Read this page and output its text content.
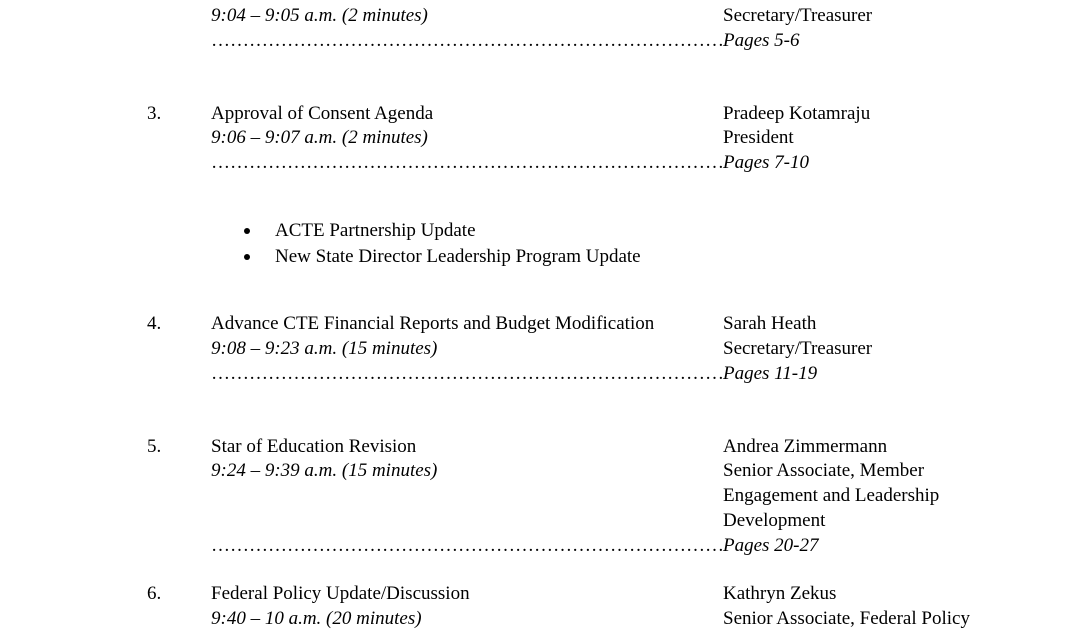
9:04 – 9:05 a.m. (2 minutes)	Secretary/Treasurer
……………………………………………………………………… Pages 5-6
3.	Approval of Consent Agenda	Pradeep Kotamraju
9:06 – 9:07 a.m. (2 minutes)	President
……………………………………………………………………… Pages 7-10
ACTE Partnership Update
New State Director Leadership Program Update
4.	Advance CTE Financial Reports and Budget Modification	Sarah Heath
9:08 – 9:23 a.m. (15 minutes)	Secretary/Treasurer
……………………………………………………………………… Pages 11-19
5.	Star of Education Revision	Andrea Zimmermann
9:24 – 9:39 a.m. (15 minutes)	Senior Associate, Member
Engagement and Leadership
Development
……………………………………………………………………… Pages 20-27
6.	Federal Policy Update/Discussion	Kathryn Zekus
9:40 – 10 a.m. (20 minutes)	Senior Associate, Federal Policy
